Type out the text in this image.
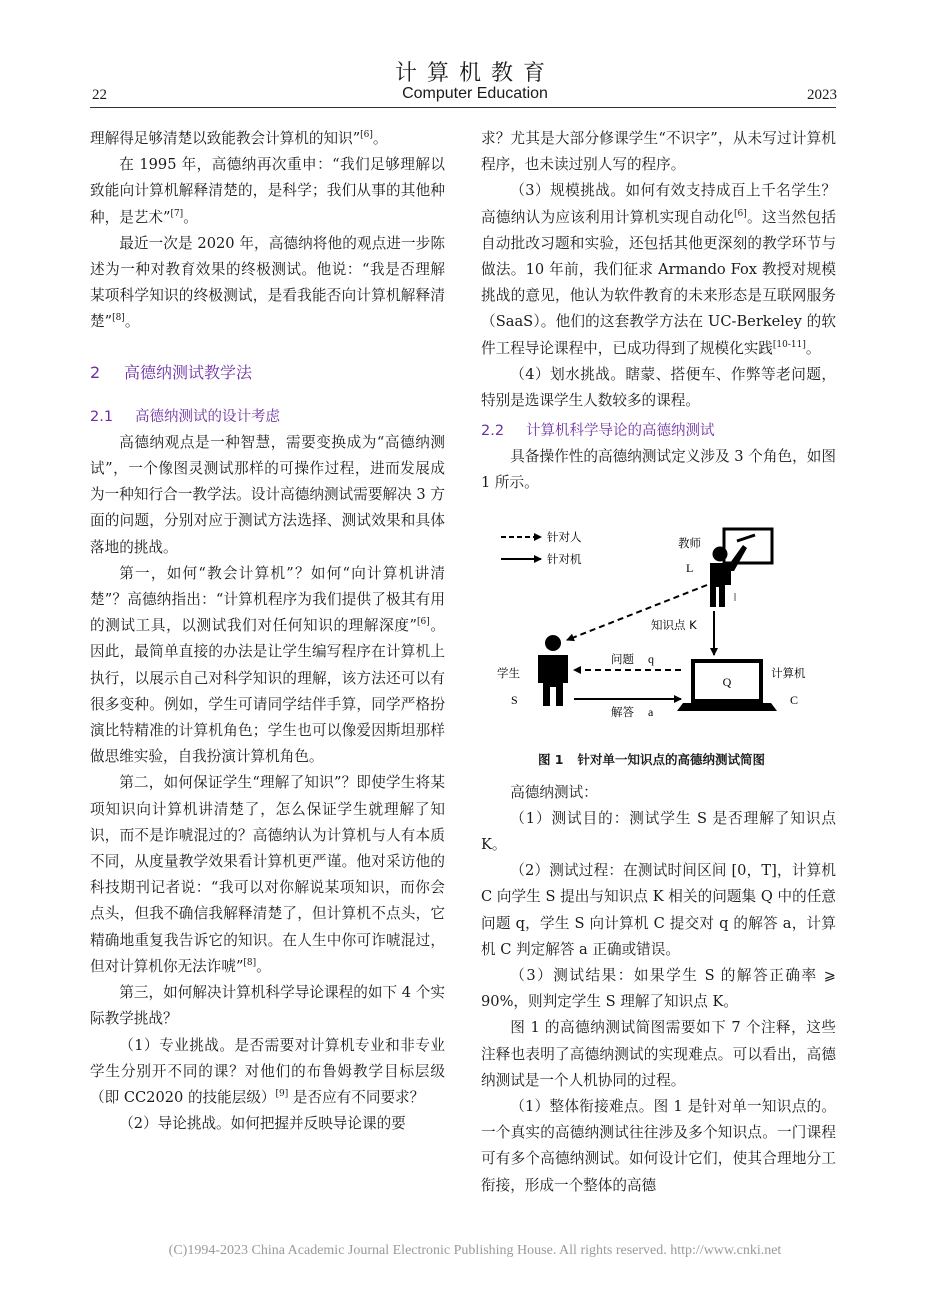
计算机教育
22	Computer Education	2023

理解得足够清楚以致能教会计算机的知识”[6]。

在 1995 年，高德纳再次重申：“我们足够理解以致能向计算机解释清楚的，是科学；我们从事的其他种种，是艺术”[7]。

最近一次是 2020 年，高德纳将他的观点进一步陈述为一种对教育效果的终极测试。他说：“我是否理解某项科学知识的终极测试，是看我能否向计算机解释清楚”[8]。

2 高德纳测试教学法
2.1 高德纳测试的设计考虑

高德纳观点是一种智慧，需要变换成为“高德纳测试”，一个像图灵测试那样的可操作过程，进而发展成为一种知行合一教学法。设计高德纳测试需要解决 3 方面的问题，分别对应于测试方法选择、测试效果和具体落地的挑战。

第一，如何“教会计算机”？如何“向计算机讲清楚”？高德纳指出：“计算机程序为我们提供了极其有用的测试工具，以测试我们对任何知识的理解深度”[6]。因此，最简单直接的办法是让学生编写程序在计算机上执行，以展示自己对科学知识的理解，该方法还可以有很多变种。例如，学生可请同学结伴手算，同学严格扮演比特精准的计算机角色；学生也可以像爱因斯坦那样做思维实验，自我扮演计算机角色。

第二，如何保证学生“理解了知识”？即使学生将某项知识向计算机讲清楚了，怎么保证学生就理解了知识，而不是诈唬混过的？高德纳认为计算机与人有本质不同，从度量教学效果看计算机更严谨。他对采访他的科技期刊记者说：“我可以对你解说某项知识，而你会点头，但我不确信我解释清楚了，但计算机不点头，它精确地重复我告诉它的知识。在人生中你可诈唬混过，但对计算机你无法诈唬”[8]。

第三，如何解决计算机科学导论课程的如下 4 个实际教学挑战？

（1）专业挑战。是否需要对计算机专业和非专业学生分别开不同的课？对他们的布鲁姆教学目标层级（即 CC2020 的技能层级）[9] 是否应有不同要求？

（2）导论挑战。如何把握并反映导论课的要

求？尤其是大部分修课学生“不识字”，从未写过计算机程序，也未读过别人写的程序。

（3）规模挑战。如何有效支持成百上千名学生？高德纳认为应该利用计算机实现自动化[6]。这当然包括自动批改习题和实验，还包括其他更深刻的教学环节与做法。10 年前，我们征求 Armando Fox 教授对规模挑战的意见，他认为软件教育的未来形态是互联网服务（SaaS）。他们的这套教学方法在 UC-Berkeley 的软件工程导论课程中，已成功得到了规模化实践[10-11]。

（4）划水挑战。瞎蒙、搭便车、作弊等老问题，特别是选课学生人数较多的课程。

2.2 计算机科学导论的高德纳测试

具备操作性的高德纳测试定义涉及 3 个角色，如图 1 所示。

针对人
针对机
教师
L
知识点 K
学生
S
问题 q
解答 a
Q
计算机
C
图 1 针对单一知识点的高德纳测试简图

高德纳测试：

（1）测试目的：测试学生 S 是否理解了知识点 K。

（2）测试过程：在测试时间区间 [0，T]，计算机 C 向学生 S 提出与知识点 K 相关的问题集 Q 中的任意问题 q，学生 S 向计算机 C 提交对 q 的解答 a，计算机 C 判定解答 a 正确或错误。

（3）测试结果：如果学生 S 的解答正确率 ⩾ 90%，则判定学生 S 理解了知识点 K。

图 1 的高德纳测试简图需要如下 7 个注释，这些注释也表明了高德纳测试的实现难点。可以看出，高德纳测试是一个人机协同的过程。

（1）整体衔接难点。图 1 是针对单一知识点的。一个真实的高德纳测试往往涉及多个知识点。一门课程可有多个高德纳测试。如何设计它们，使其合理地分工衔接，形成一个整体的高德

(C)1994-2023 China Academic Journal Electronic Publishing House. All rights reserved. http://www.cnki.net
